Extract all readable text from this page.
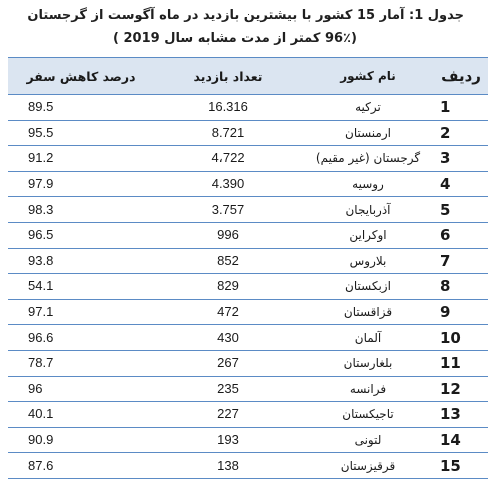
جدول 1: آمار 15 کشور با بیشترین بازدید در ماه آگوست از گرجستان
(96٪ کمتر از مدت مشابه سال 2019 )
ردیف	نام کشور	تعداد بازدید	درصد کاهش سفر
1	ترکیه	16.316	89.5
2	ارمنستان	8.721	95.5
3	گرجستان (غیر مقیم)	4،722	91.2
4	روسیه	4.390	97.9
5	آذربایجان	3.757	98.3
6	اوکراین	996	96.5
7	بلاروس	852	93.8
8	ازبکستان	829	54.1
9	قزاقستان	472	97.1
10	آلمان	430	96.6
11	بلغارستان	267	78.7
12	فرانسه	235	96
13	تاجیکستان	227	40.1
14	لتونی	193	90.9
15	قرقیزستان	138	87.6
